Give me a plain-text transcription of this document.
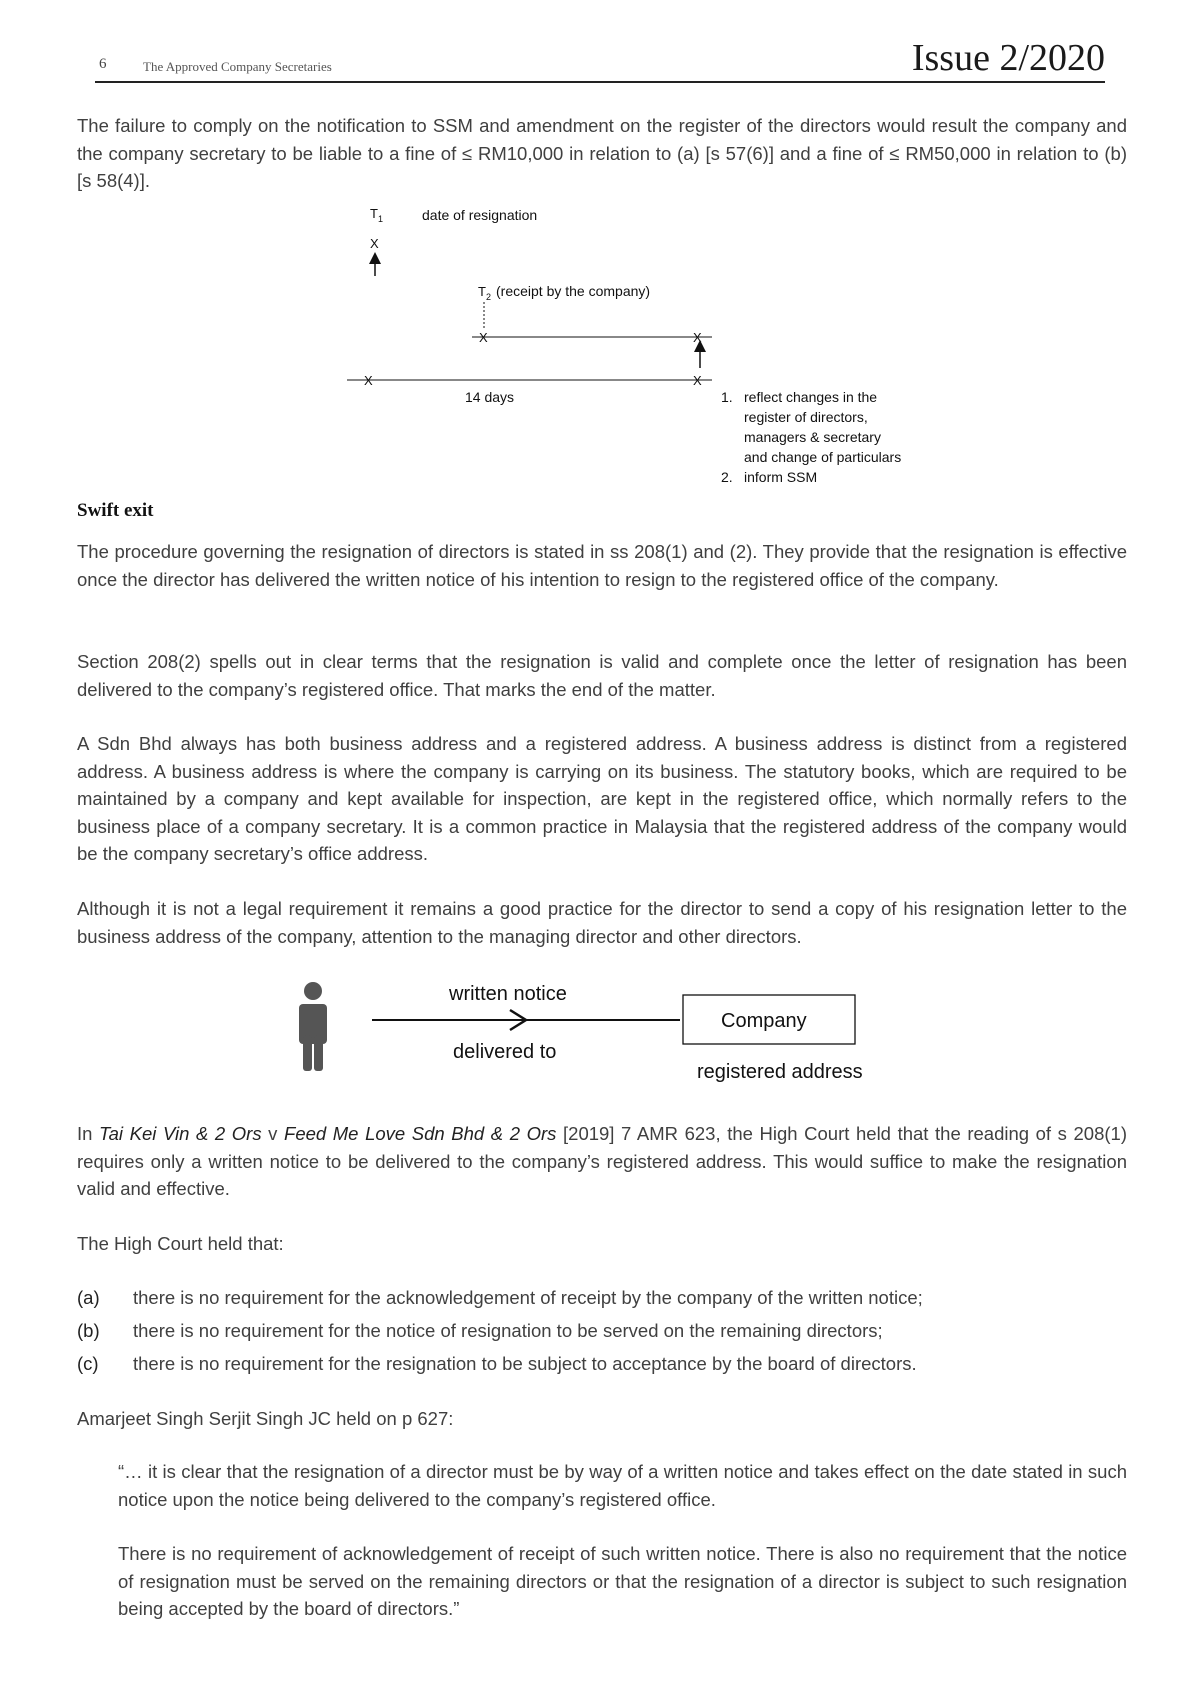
6	The Approved Company Secretaries	Issue 2/2020
The failure to comply on the notification to SSM and amendment on the register of the directors would result the company and the company secretary to be liable to a fine of ≤ RM10,000 in relation to (a) [s 57(6)] and a fine of ≤ RM50,000 in relation to (b) [s 58(4)].
$T_1$	date of resignation
X
$T_2$ (receipt by the company)
X	X
X	X
14 days	1. reflect changes in the
register of directors,
managers & secretary
and change of particulars
2. inform SSM
Swift exit
The procedure governing the resignation of directors is stated in ss 208(1) and (2). They provide that the resignation is effective once the director has delivered the written notice of his intention to resign to the registered office of the company.
Section 208(2) spells out in clear terms that the resignation is valid and complete once the letter of resignation has been delivered to the company’s registered office. That marks the end of the matter.
A Sdn Bhd always has both business address and a registered address. A business address is distinct from a registered address. A business address is where the company is carrying on its business. The statutory books, which are required to be maintained by a company and kept available for inspection, are kept in the registered office, which normally refers to the business place of a company secretary. It is a common practice in Malaysia that the registered address of the company would be the company secretary’s office address.
Although it is not a legal requirement it remains a good practice for the director to send a copy of his resignation letter to the business address of the company, attention to the managing director and other directors.
written notice
delivered to
Company
registered address
In Tai Kei Vin & 2 Ors v Feed Me Love Sdn Bhd & 2 Ors [2019] 7 AMR 623, the High Court held that the reading of s 208(1) requires only a written notice to be delivered to the company’s registered address. This would suffice to make the resignation valid and effective.
The High Court held that:
(a) there is no requirement for the acknowledgement of receipt by the company of the written notice;
(b) there is no requirement for the notice of resignation to be served on the remaining directors;
(c) there is no requirement for the resignation to be subject to acceptance by the board of directors.
Amarjeet Singh Serjit Singh JC held on p 627:
“… it is clear that the resignation of a director must be by way of a written notice and takes effect on the date stated in such notice upon the notice being delivered to the company’s registered office.
There is no requirement of acknowledgement of receipt of such written notice. There is also no requirement that the notice of resignation must be served on the remaining directors or that the resignation of a director is subject to such resignation being accepted by the board of directors.”
